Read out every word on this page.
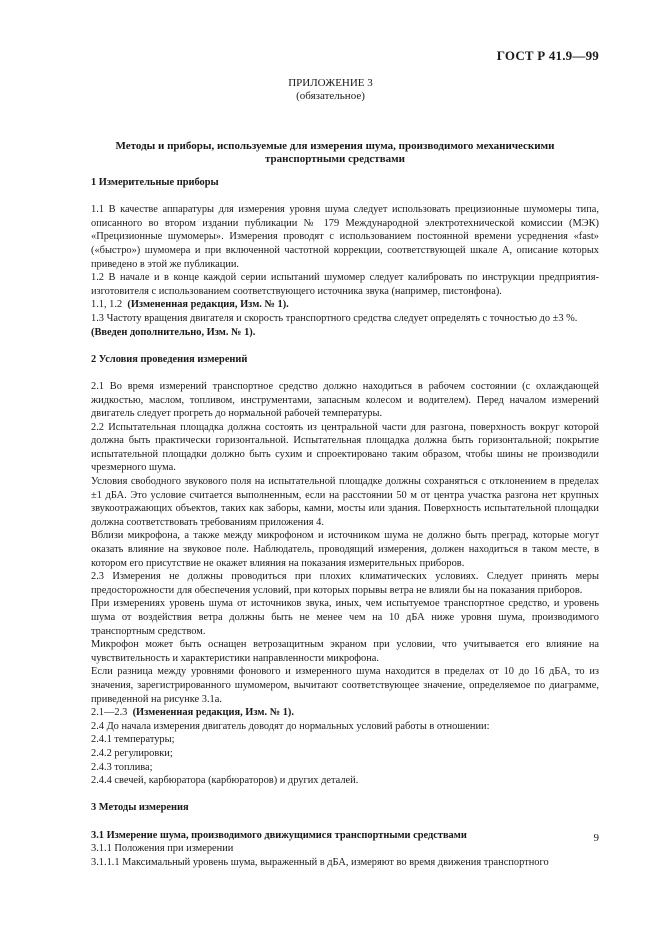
ГОСТ Р 41.9—99
ПРИЛОЖЕНИЕ 3
(обязательное)
Методы и приборы, используемые для измерения шума, производимого механическими
транспортными средствами

1 Измерительные приборы

1.1 В качестве аппаратуры для измерения уровня шума следует использовать прецизионные шумомеры типа, описанного во втором издании публикации № 179 Международной электротехнической комиссии (МЭК) «Прецизионные шумомеры». Измерения проводят с использованием постоянной времени усреднения «fast» («быстро») шумомера и при включенной частотной коррекции, соответствующей шкале А, описание которых приведено в этой же публикации.

1.2 В начале и в конце каждой серии испытаний шумомер следует калибровать по инструкции предприятия-изготовителя с использованием соответствующего источника звука (например, пистонфона).

1.1, 1.2 (Измененная редакция, Изм. № 1).

1.3 Частоту вращения двигателя и скорость транспортного средства следует определять с точностью до ±3 %.

(Введен дополнительно, Изм. № 1).

2 Условия проведения измерений

2.1 Во время измерений транспортное средство должно находиться в рабочем состоянии (с охлаждающей жидкостью, маслом, топливом, инструментами, запасным колесом и водителем). Перед началом измерений двигатель следует прогреть до нормальной рабочей температуры.

2.2 Испытательная площадка должна состоять из центральной части для разгона, поверхность вокруг которой должна быть практически горизонтальной. Испытательная площадка должна быть горизонтальной; покрытие испытательной площадки должно быть сухим и спроектировано таким образом, чтобы шины не производили чрезмерного шума.

Условия свободного звукового поля на испытательной площадке должны сохраняться с отклонением в пределах ±1 дБА. Это условие считается выполненным, если на расстоянии 50 м от центра участка разгона нет крупных звукоотражающих объектов, таких как заборы, камни, мосты или здания. Поверхность испытательной площадки должна соответствовать требованиям приложения 4.

Вблизи микрофона, а также между микрофоном и источником шума не должно быть преград, которые могут оказать влияние на звуковое поле. Наблюдатель, проводящий измерения, должен находиться в таком месте, в котором его присутствие не окажет влияния на показания измерительных приборов.

2.3 Измерения не должны проводиться при плохих климатических условиях. Следует принять меры предосторожности для обеспечения условий, при которых порывы ветра не влияли бы на показания приборов.

При измерениях уровень шума от источников звука, иных, чем испытуемое транспортное средство, и уровень шума от воздействия ветра должны быть не менее чем на 10 дБА ниже уровня шума, производимого транспортным средством.

Микрофон может быть оснащен ветрозащитным экраном при условии, что учитывается его влияние на чувствительность и характеристики направленности микрофона.

Если разница между уровнями фонового и измеренного шума находится в пределах от 10 до 16 дБА, то из значения, зарегистрированного шумомером, вычитают соответствующее значение, определяемое по диаграмме, приведенной на рисунке 3.1а.

2.1—2.3 (Измененная редакция, Изм. № 1).

2.4 До начала измерения двигатель доводят до нормальных условий работы в отношении:

2.4.1 температуры;

2.4.2 регулировки;

2.4.3 топлива;

2.4.4 свечей, карбюратора (карбюраторов) и других деталей.

3 Методы измерения

3.1 Измерение шума, производимого движущимися транспортными средствами

3.1.1 Положения при измерении

3.1.1.1 Максимальный уровень шума, выраженный в дБА, измеряют во время движения транспортного

9
